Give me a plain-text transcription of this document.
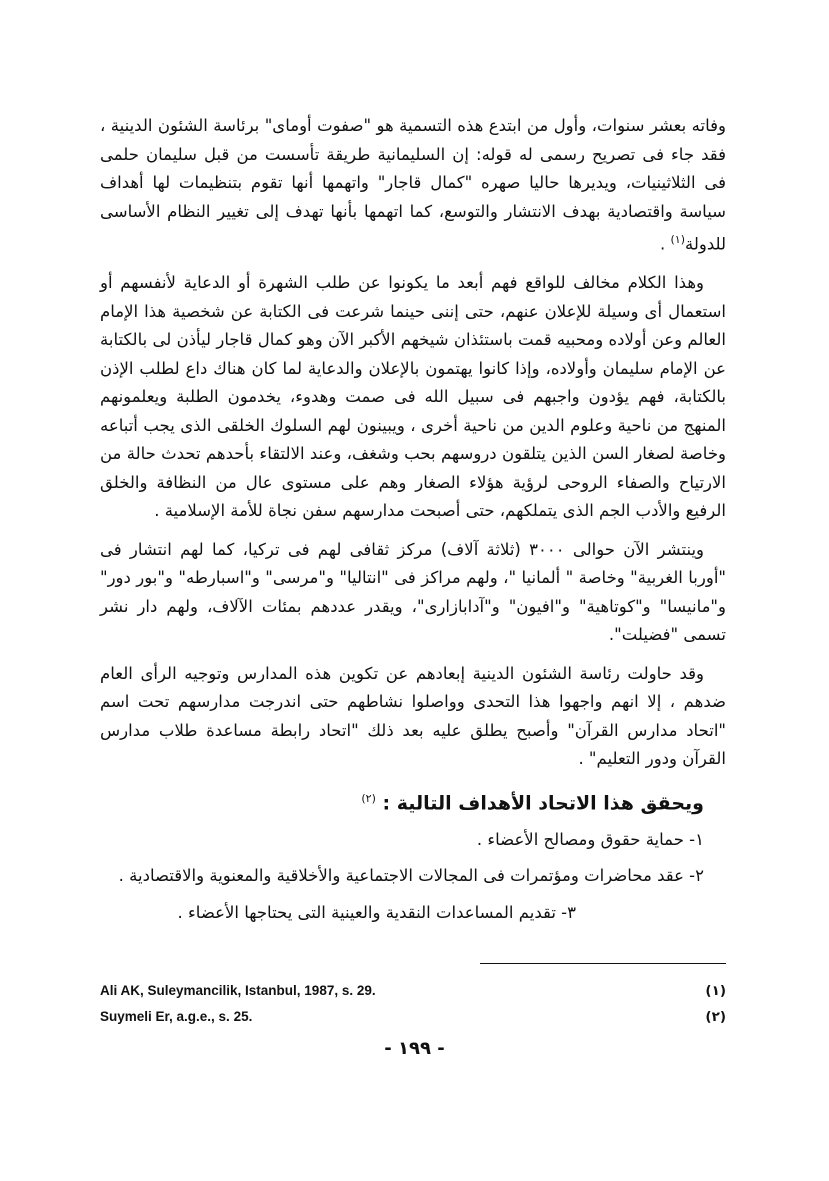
وفاته بعشر سنوات، وأول من ابتدع هذه التسمية هو "صفوت أوماى" برئاسة الشئون الدينية ، فقد جاء فى تصريح رسمى له قوله: إن السليمانية طريقة تأسست من قبل سليمان حلمى فى الثلاثينيات، ويديرها حاليا صهره "كمال قاجار" واتهمها أنها تقوم بتنظيمات لها أهداف سياسة واقتصادية بهدف الانتشار والتوسع، كما اتهمها بأنها تهدف إلى تغيير النظام الأساسى للدولة$^{(١)}$ .

وهذا الكلام مخالف للواقع فهم أبعد ما يكونوا عن طلب الشهرة أو الدعاية لأنفسهم أو استعمال أى وسيلة للإعلان عنهم، حتى إننى حينما شرعت فى الكتابة عن شخصية هذا الإمام العالم وعن أولاده ومحبيه قمت باستئذان شيخهم الأكبر الآن وهو كمال قاجار ليأذن لى بالكتابة عن الإمام سليمان وأولاده، وإذا كانوا يهتمون بالإعلان والدعاية لما كان هناك داع لطلب الإذن بالكتابة، فهم يؤدون واجبهم فى سبيل الله فى صمت وهدوء، يخدمون الطلبة ويعلمونهم المنهج من ناحية وعلوم الدين من ناحية أخرى ، ويبينون لهم السلوك الخلقى الذى يجب أتباعه وخاصة لصغار السن الذين يتلقون دروسهم بحب وشغف، وعند الالتقاء بأحدهم تحدث حالة من الارتياح والصفاء الروحى لرؤية هؤلاء الصغار وهم على مستوى عال من النظافة والخلق الرفيع والأدب الجم الذى يتملكهم، حتى أصبحت مدارسهم سفن نجاة للأمة الإسلامية .

وينتشر الآن حوالى ٣٠٠٠ (ثلاثة آلاف) مركز ثقافى لهم فى تركيا، كما لهم انتشار فى "أوربا الغربية" وخاصة " ألمانيا "، ولهم مراكز فى "انتاليا" و"مرسى" و"اسبارطه" و"بور دور" و"مانيسا" و"كوتاهية" و"افيون" و"آدابازارى"، ويقدر عددهم بمئات الآلاف، ولهم دار نشر تسمى "فضيلت".

وقد حاولت رئاسة الشئون الدينية إبعادهم عن تكوين هذه المدارس وتوجيه الرأى العام ضدهم ، إلا انهم واجهوا هذا التحدى وواصلوا نشاطهم حتى اندرجت مدارسهم تحت اسم "اتحاد مدارس القرآن" وأصبح يطلق عليه بعد ذلك "اتحاد رابطة مساعدة طلاب مدارس القرآن ودور التعليم" .

ويحقق هذا الاتحاد الأهداف التالية : $^{(٢)}$

١- حماية حقوق ومصالح الأعضاء .

٢- عقد محاضرات ومؤتمرات فى المجالات الاجتماعية والأخلاقية والمعنوية والاقتصادية .

٣- تقديم المساعدات النقدية والعينية التى يحتاجها الأعضاء .

Ali AK, Suleymancilik, Istanbul, 1987, s. 29.	(١)
Suymeli Er, a.g.e., s. 25.	(٢)
- ١٩٩ -
